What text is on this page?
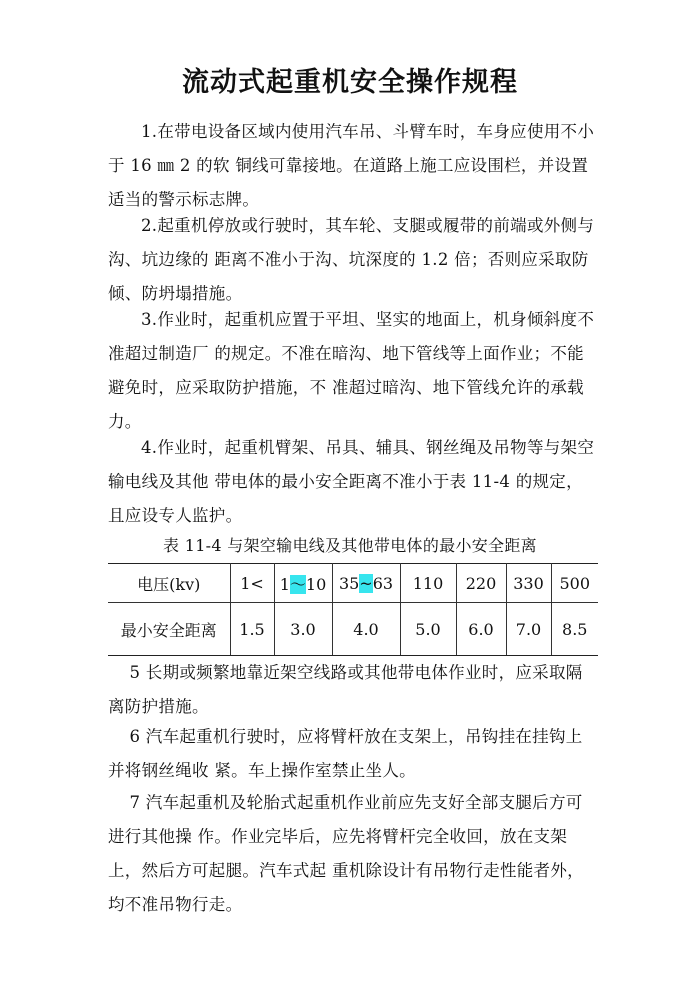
流动式起重机安全操作规程

1.在带电设备区域内使用汽车吊、斗臂车时，车身应使用不小于 16 ㎜ 2 的软 铜线可靠接地。在道路上施工应设围栏，并设置适当的警示标志牌。

2.起重机停放或行驶时，其车轮、支腿或履带的前端或外侧与沟、坑边缘的 距离不准小于沟、坑深度的 1.2 倍；否则应采取防倾、防坍塌措施。

3.作业时，起重机应置于平坦、坚实的地面上，机身倾斜度不准超过制造厂 的规定。不准在暗沟、地下管线等上面作业；不能避免时，应采取防护措施，不 准超过暗沟、地下管线允许的承载力。

4.作业时，起重机臂架、吊具、辅具、钢丝绳及吊物等与架空输电线及其他 带电体的最小安全距离不准小于表 11-4 的规定，且应设专人监护。

表 11-4 与架空输电线及其他带电体的最小安全距离
电压(kv)	1<	1～10	35~63	110	220	330	500
最小安全距离	1.5	3.0	4.0	5.0	6.0	7.0	8.5

5 长期或频繁地靠近架空线路或其他带电体作业时，应采取隔离防护措施。

6 汽车起重机行驶时，应将臂杆放在支架上，吊钩挂在挂钩上并将钢丝绳收 紧。车上操作室禁止坐人。

7 汽车起重机及轮胎式起重机作业前应先支好全部支腿后方可进行其他操 作。作业完毕后，应先将臂杆完全收回，放在支架上，然后方可起腿。汽车式起 重机除设计有吊物行走性能者外，均不准吊物行走。
